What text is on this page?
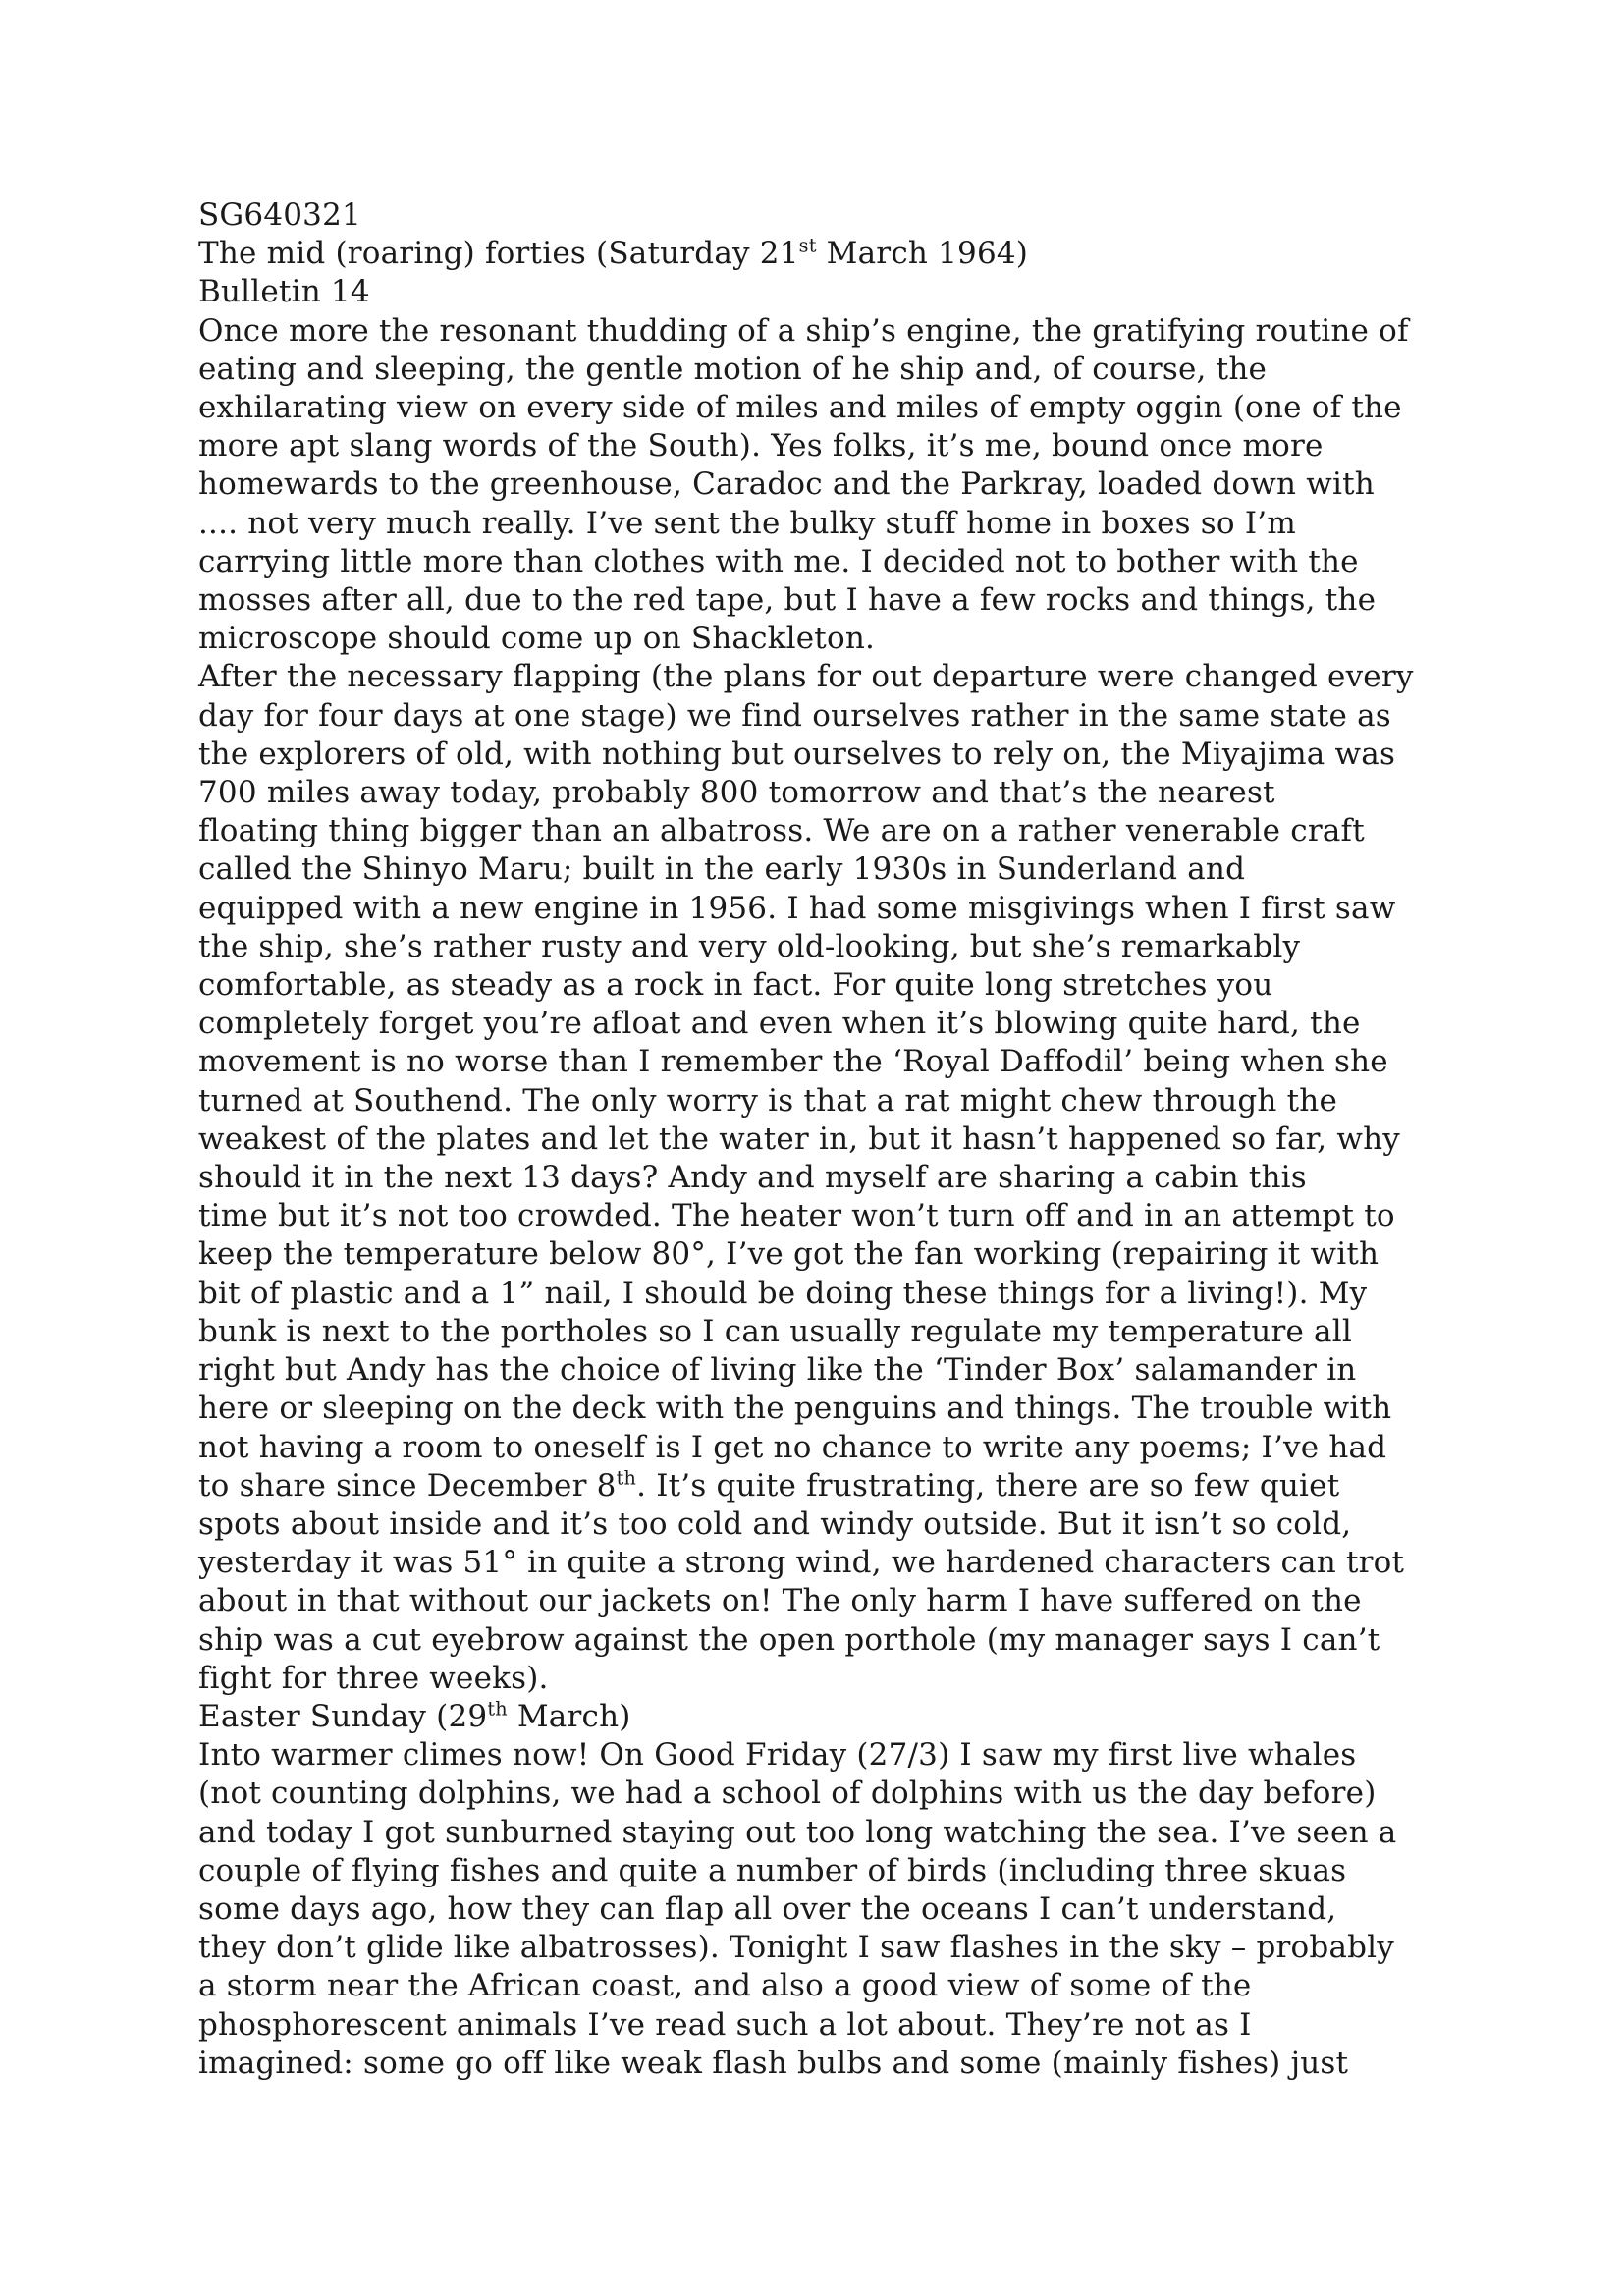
SG640321
The mid (roaring) forties (Saturday 21st March 1964)
Bulletin 14
Once more the resonant thudding of a ship’s engine, the gratifying routine of
eating and sleeping, the gentle motion of he ship and, of course, the
exhilarating view on every side of miles and miles of empty oggin (one of the
more apt slang words of the South). Yes folks, it’s me, bound once more
homewards to the greenhouse, Caradoc and the Parkray, loaded down with
.... not very much really. I’ve sent the bulky stuff home in boxes so I’m
carrying little more than clothes with me. I decided not to bother with the
mosses after all, due to the red tape, but I have a few rocks and things, the
microscope should come up on Shackleton.
After the necessary flapping (the plans for out departure were changed every
day for four days at one stage) we find ourselves rather in the same state as
the explorers of old, with nothing but ourselves to rely on, the Miyajima was
700 miles away today, probably 800 tomorrow and that’s the nearest
floating thing bigger than an albatross. We are on a rather venerable craft
called the Shinyo Maru; built in the early 1930s in Sunderland and
equipped with a new engine in 1956. I had some misgivings when I first saw
the ship, she’s rather rusty and very old-looking, but she’s remarkably
comfortable, as steady as a rock in fact. For quite long stretches you
completely forget you’re afloat and even when it’s blowing quite hard, the
movement is no worse than I remember the ‘Royal Daffodil’ being when she
turned at Southend. The only worry is that a rat might chew through the
weakest of the plates and let the water in, but it hasn’t happened so far, why
should it in the next 13 days? Andy and myself are sharing a cabin this
time but it’s not too crowded. The heater won’t turn off and in an attempt to
keep the temperature below 80°, I’ve got the fan working (repairing it with
bit of plastic and a 1” nail, I should be doing these things for a living!). My
bunk is next to the portholes so I can usually regulate my temperature all
right but Andy has the choice of living like the ‘Tinder Box’ salamander in
here or sleeping on the deck with the penguins and things. The trouble with
not having a room to oneself is I get no chance to write any poems; I’ve had
to share since December 8th. It’s quite frustrating, there are so few quiet
spots about inside and it’s too cold and windy outside. But it isn’t so cold,
yesterday it was 51° in quite a strong wind, we hardened characters can trot
about in that without our jackets on! The only harm I have suffered on the
ship was a cut eyebrow against the open porthole (my manager says I can’t
fight for three weeks).
Easter Sunday (29th March)
Into warmer climes now! On Good Friday (27/3) I saw my first live whales
(not counting dolphins, we had a school of dolphins with us the day before)
and today I got sunburned staying out too long watching the sea. I’ve seen a
couple of flying fishes and quite a number of birds (including three skuas
some days ago, how they can flap all over the oceans I can’t understand,
they don’t glide like albatrosses). Tonight I saw flashes in the sky – probably
a storm near the African coast, and also a good view of some of the
phosphorescent animals I’ve read such a lot about. They’re not as I
imagined: some go off like weak flash bulbs and some (mainly fishes) just
